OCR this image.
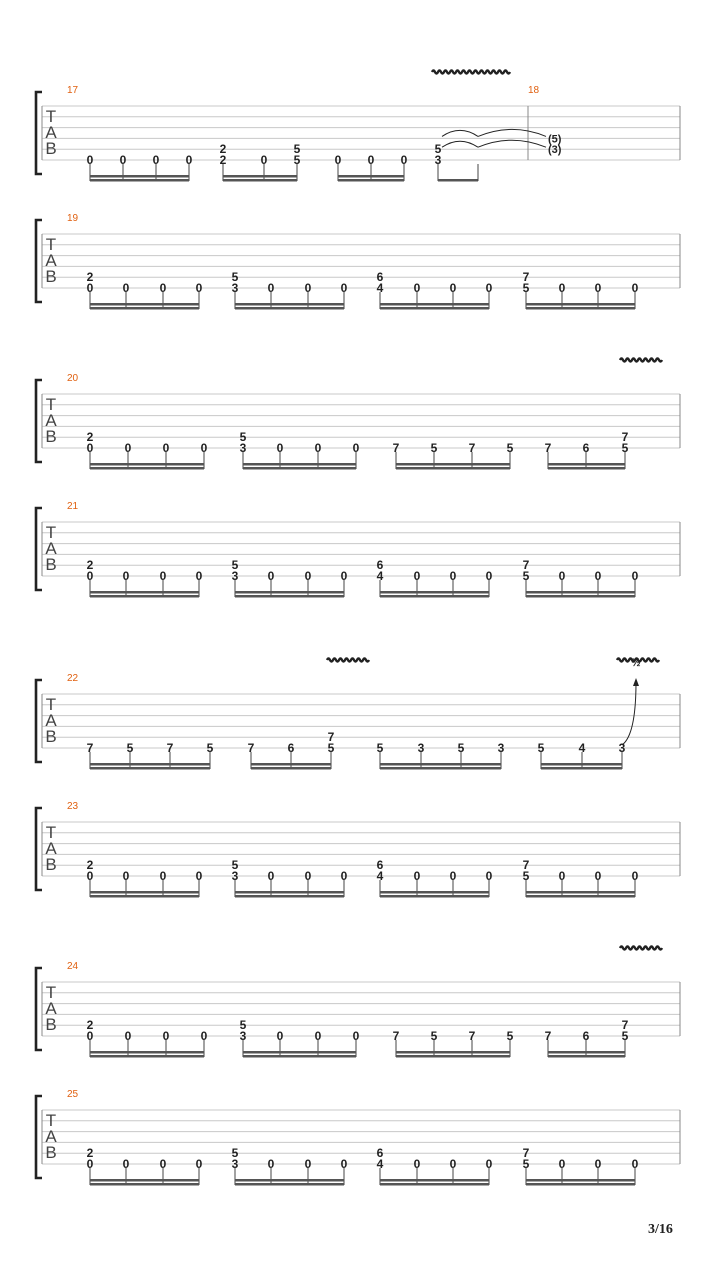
T
A
B
17	18
(5)
(3)
0 0 0 0
2
2	0
5
5	0 0 0
5
3
T
A
B
19
2
0 0	0 0
5
3 0	0 0
6
4	0 0 0
7
5 0 0	0
T
A
B
20
2
0	0	0	0
5
3	0	0	0	7	5	7	5	7	6
7
5
T
A
B
21
2
0 0	0 0
5
3 0	0 0
6
4	0 0 0
7
5 0 0	0
T
A
B
22
½
7	5	7	5	7	6
7
5	5	3	5	3	5	4	3
T
A
B
23
2
0 0	0 0
5
3 0	0 0
6
4	0 0 0
7
5 0 0	0
T
A
B
24
2
0	0	0	0
5
3	0	0	0	7	5	7	5	7	6
7
5
T
A
B
25
2
0 0	0 0
5
3 0	0 0
6
4	0 0 0
7
5 0 0	0
3/16
